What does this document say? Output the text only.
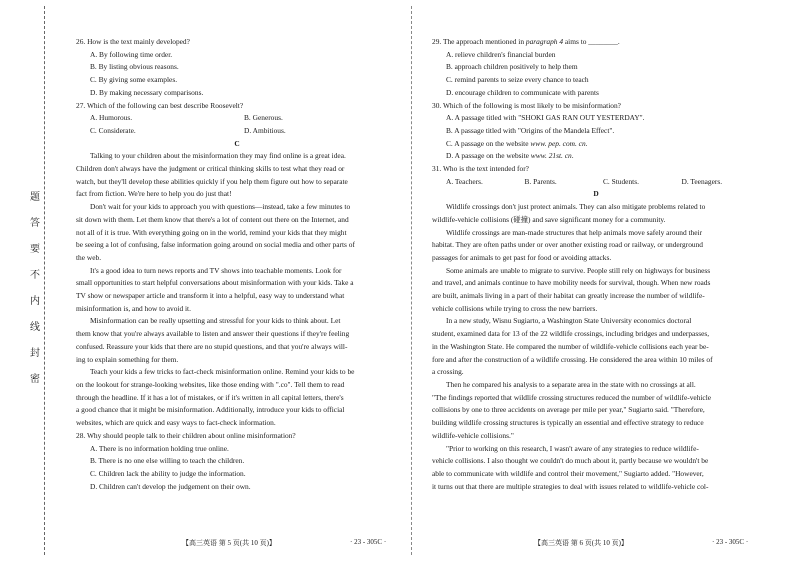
题
答
要
不
内
线
封
密
26. How is the text mainly developed?
A. By following time order.
B. By listing obvious reasons.
C. By giving some examples.
D. By making necessary comparisons.
27. Which of the following can best describe Roosevelt?
A. Humorous.	B. Generous.
C. Considerate.	D. Ambitious.
C
Talking to your children about the misinformation they may find online is a great idea.
Children don't always have the judgment or critical thinking skills to test what they read or
watch, but they'll develop these abilities quickly if you help them figure out how to separate
fact from fiction. We're here to help you do just that!
Don't wait for your kids to approach you with questions—instead, take a few minutes to
sit down with them. Let them know that there's a lot of content out there on the Internet, and
not all of it is true. With everything going on in the world, remind your kids that they might
be seeing a lot of confusing, false information going around on social media and other parts of
the web.
It's a good idea to turn news reports and TV shows into teachable moments. Look for
small opportunities to start helpful conversations about misinformation with your kids. Take a
TV show or newspaper article and transform it into a helpful, easy way to understand what
misinformation is, and how to avoid it.
Misinformation can be really upsetting and stressful for your kids to think about. Let
them know that you're always available to listen and answer their questions if they're feeling
confused. Reassure your kids that there are no stupid questions, and that you're always will-
ing to explain something for them.
Teach your kids a few tricks to fact-check misinformation online. Remind your kids to be
on the lookout for strange-looking websites, like those ending with ".co". Tell them to read
through the headline. If it has a lot of mistakes, or if it's written in all capital letters, there's
a good chance that it might be misinformation. Additionally, introduce your kids to official
websites, which are quick and easy ways to fact-check information.
28. Why should people talk to their children about online misinformation?
A. There is no information holding true online.
B. There is no one else willing to teach the children.
C. Children lack the ability to judge the information.
D. Children can't develop the judgement on their own.
【高三英语 第 5 页(共 10 页)】	· 23 - 305C ·
29. The approach mentioned in paragraph 4 aims to ________.
A. relieve children's financial burden
B. approach children positively to help them
C. remind parents to seize every chance to teach
D. encourage children to communicate with parents
30. Which of the following is most likely to be misinformation?
A. A passage titled with "SHOKI GAS RAN OUT YESTERDAY".
B. A passage titled with "Origins of the Mandela Effect".
C. A passage on the website www. pep. com. cn.
D. A passage on the website www. 21st. cn.
31. Who is the text intended for?
A. Teachers.	B. Parents.	C. Students.	D. Teenagers.
D
Wildlife crossings don't just protect animals. They can also mitigate problems related to
wildlife-vehicle collisions (碰撞) and save significant money for a community.
Wildlife crossings are man-made structures that help animals move safely around their
habitat. They are often paths under or over another existing road or railway, or underground
passages for animals to get past for food or avoiding attacks.
Some animals are unable to migrate to survive. People still rely on highways for business
and travel, and animals continue to have mobility needs for survival, though. When new roads
are built, animals living in a part of their habitat can greatly increase the number of wildlife-
vehicle collisions while trying to cross the new barriers.
In a new study, Wisnu Sugiarto, a Washington State University economics doctoral
student, examined data for 13 of the 22 wildlife crossings, including bridges and underpasses,
in the Washington State. He compared the number of wildlife-vehicle collisions each year be-
fore and after the construction of a wildlife crossing. He considered the area within 10 miles of
a crossing.
Then he compared his analysis to a separate area in the state with no crossings at all.
"The findings reported that wildlife crossing structures reduced the number of wildlife-vehicle
collisions by one to three accidents on average per mile per year," Sugiarto said. "Therefore,
building wildlife crossing structures is typically an essential and effective strategy to reduce
wildlife-vehicle collisions."
"Prior to working on this research, I wasn't aware of any strategies to reduce wildlife-
vehicle collisions. I also thought we couldn't do much about it, partly because we wouldn't be
able to communicate with wildlife and control their movement," Sugiarto added. "However,
it turns out that there are multiple strategies to deal with issues related to wildlife-vehicle col-
【高三英语 第 6 页(共 10 页)】	· 23 - 305C ·
